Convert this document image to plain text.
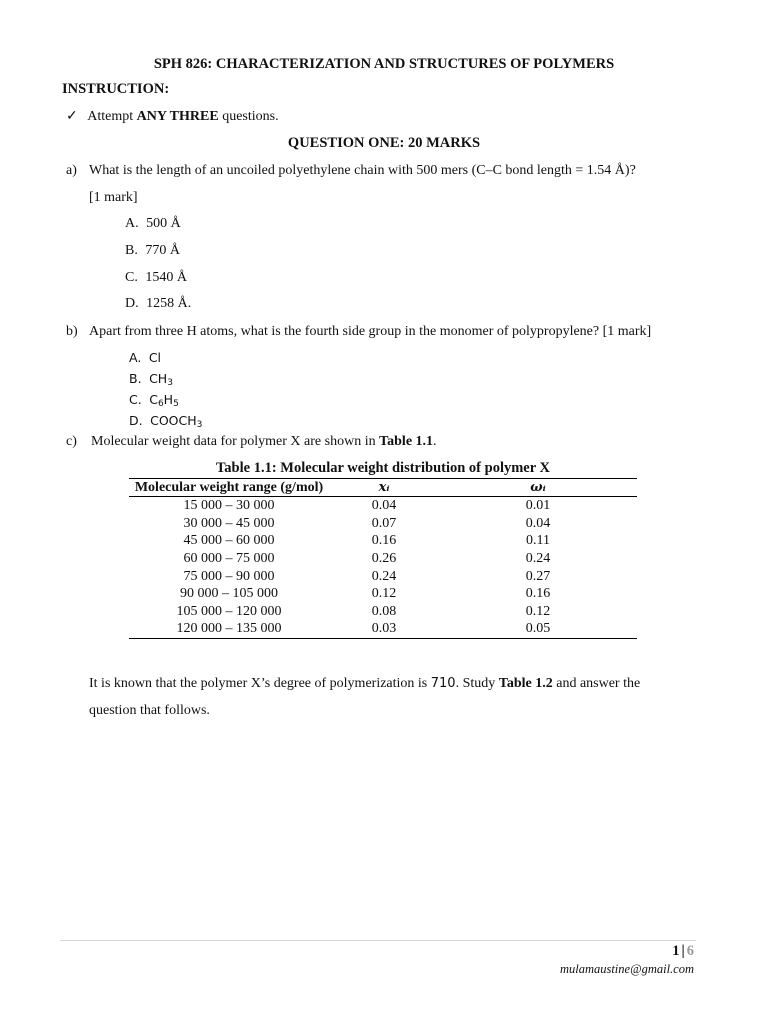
SPH 826: CHARACTERIZATION AND STRUCTURES OF POLYMERS
INSTRUCTION:
✓ Attempt ANY THREE questions.
QUESTION ONE: 20 MARKS
a) What is the length of an uncoiled polyethylene chain with 500 mers (C–C bond length = 1.54 Å)?
[1 mark]
A. 500 Å
B. 770 Å
C. 1540 Å
D. 1258 Å.
b) Apart from three H atoms, what is the fourth side group in the monomer of polypropylene? [1 mark]
A. Cl
B. $CH_3$
C. $C_6H_5$
D. $COOCH_3$
c) Molecular weight data for polymer X are shown in Table 1.1.
Table 1.1: Molecular weight distribution of polymer X
Molecular weight range (g/mol)	xᵢ	ωᵢ
15 000 – 30 000	0.04	0.01
30 000 – 45 000	0.07	0.04
45 000 – 60 000	0.16	0.11
60 000 – 75 000	0.26	0.24
75 000 – 90 000	0.24	0.27
90 000 – 105 000	0.12	0.16
105 000 – 120 000	0.08	0.12
120 000 – 135 000	0.03	0.05
It is known that the polymer X’s degree of polymerization is 710. Study Table 1.2 and answer the
question that follows.
1 | 6
mulamaustine@gmail.com
